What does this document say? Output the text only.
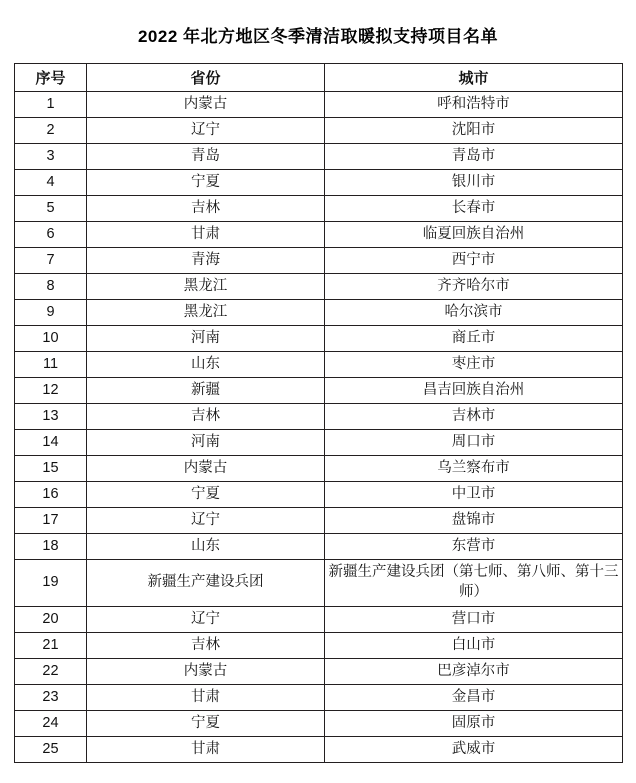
2022 年北方地区冬季清洁取暖拟支持项目名单
序号	省份	城市
1	内蒙古	呼和浩特市
2	辽宁	沈阳市
3	青岛	青岛市
4	宁夏	银川市
5	吉林	长春市
6	甘肃	临夏回族自治州
7	青海	西宁市
8	黑龙江	齐齐哈尔市
9	黑龙江	哈尔滨市
10	河南	商丘市
11	山东	枣庄市
12	新疆	昌吉回族自治州
13	吉林	吉林市
14	河南	周口市
15	内蒙古	乌兰察布市
16	宁夏	中卫市
17	辽宁	盘锦市
18	山东	东营市
19	新疆生产建设兵团	新疆生产建设兵团（第七师、第八师、第十三师）
20	辽宁	营口市
21	吉林	白山市
22	内蒙古	巴彦淖尔市
23	甘肃	金昌市
24	宁夏	固原市
25	甘肃	武威市
